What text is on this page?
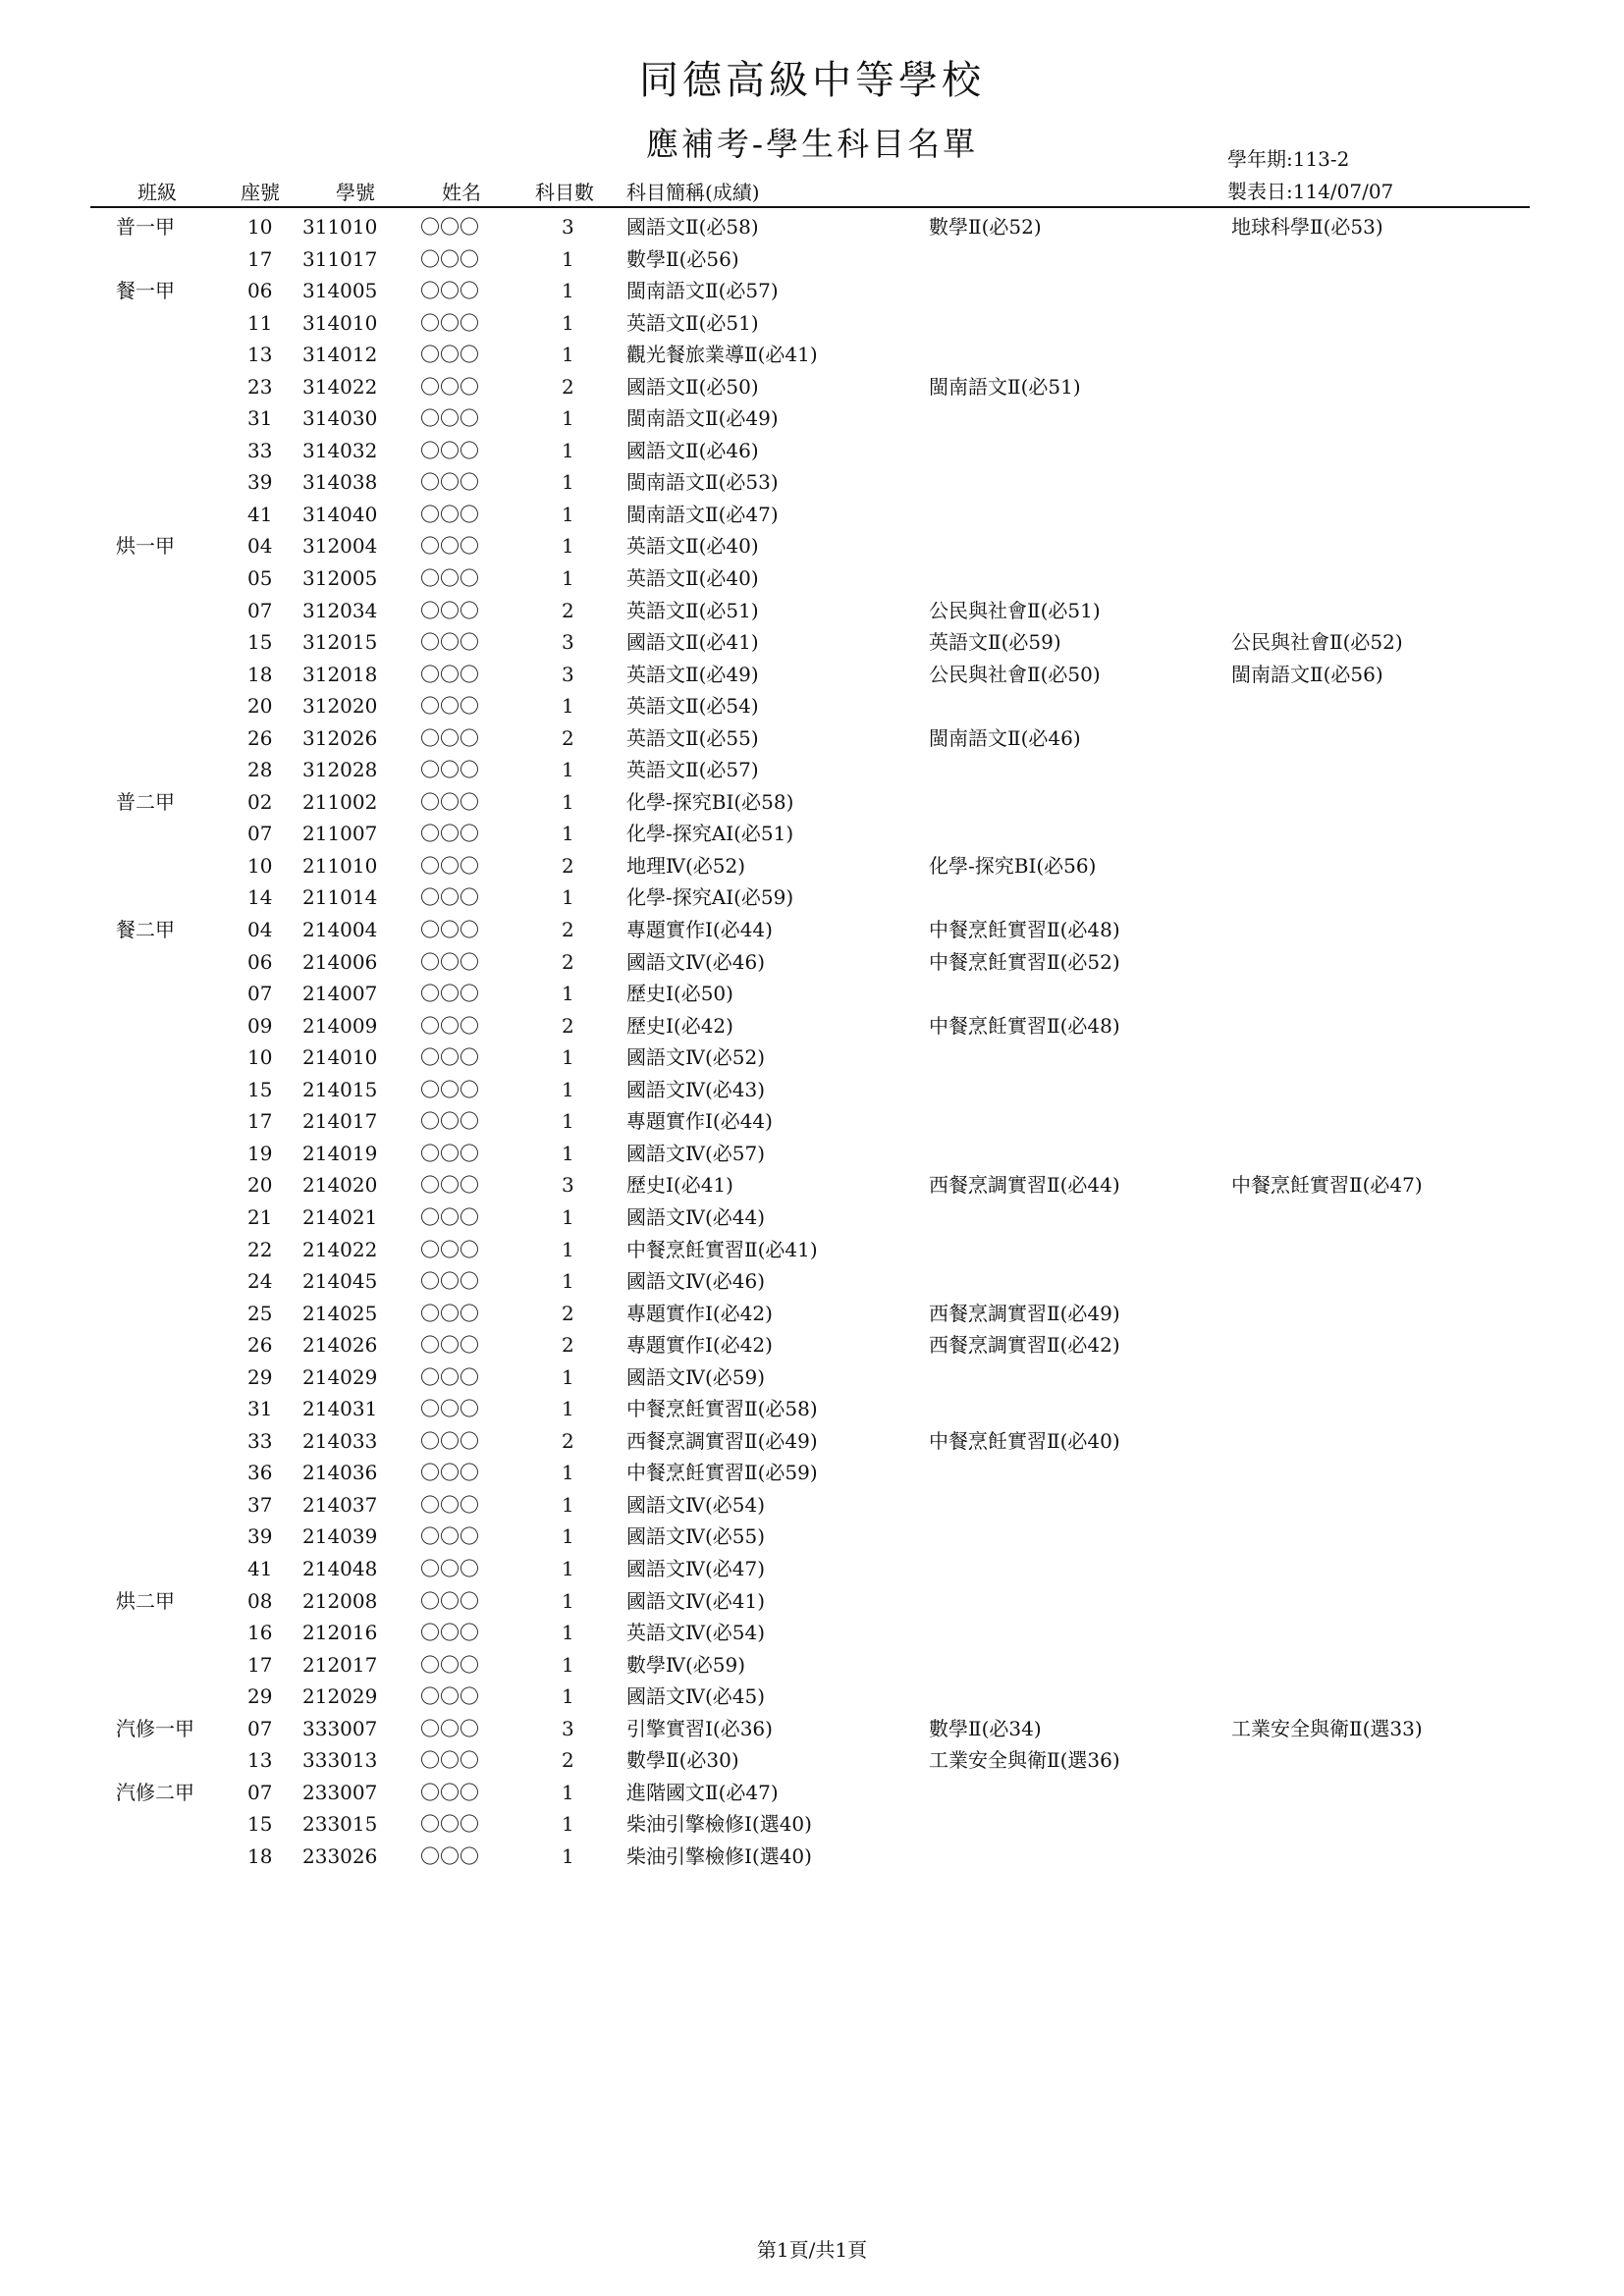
同德高級中等學校
應補考-學生科目名單	學年期:113-2
製表日:114/07/07
班級	座號	學號	姓名	科目數 科目簡稱(成績)
普一甲	10 311010 〇〇〇	3	國語文Ⅱ(必58)	數學Ⅱ(必52)	地球科學Ⅱ(必53)
17 311017 〇〇〇	1	數學Ⅱ(必56)
餐一甲	06 314005 〇〇〇	1	閩南語文Ⅱ(必57)
11 314010 〇〇〇	1	英語文Ⅱ(必51)
13 314012 〇〇〇	1	觀光餐旅業導Ⅱ(必41)
23 314022 〇〇〇	2	國語文Ⅱ(必50)	閩南語文Ⅱ(必51)
31 314030 〇〇〇	1	閩南語文Ⅱ(必49)
33 314032 〇〇〇	1	國語文Ⅱ(必46)
39 314038 〇〇〇	1	閩南語文Ⅱ(必53)
41 314040 〇〇〇	1	閩南語文Ⅱ(必47)
烘一甲	04 312004 〇〇〇	1	英語文Ⅱ(必40)
05 312005 〇〇〇	1	英語文Ⅱ(必40)
07 312034 〇〇〇	2	英語文Ⅱ(必51)	公民與社會Ⅱ(必51)
15 312015 〇〇〇	3	國語文Ⅱ(必41)	英語文Ⅱ(必59)	公民與社會Ⅱ(必52)
18 312018 〇〇〇	3	英語文Ⅱ(必49)	公民與社會Ⅱ(必50)	閩南語文Ⅱ(必56)
20 312020 〇〇〇	1	英語文Ⅱ(必54)
26 312026 〇〇〇	2	英語文Ⅱ(必55)	閩南語文Ⅱ(必46)
28 312028 〇〇〇	1	英語文Ⅱ(必57)
普二甲	02 211002 〇〇〇	1	化學-探究BⅠ(必58)
07 211007 〇〇〇	1	化學-探究AⅠ(必51)
10 211010 〇〇〇	2	地理Ⅳ(必52)	化學-探究BⅠ(必56)
14 211014 〇〇〇	1	化學-探究AⅠ(必59)
餐二甲	04 214004 〇〇〇	2	專題實作Ⅰ(必44)	中餐烹飪實習Ⅱ(必48)
06 214006 〇〇〇	2	國語文Ⅳ(必46)	中餐烹飪實習Ⅱ(必52)
07 214007 〇〇〇	1	歷史Ⅰ(必50)
09 214009 〇〇〇	2	歷史Ⅰ(必42)	中餐烹飪實習Ⅱ(必48)
10 214010 〇〇〇	1	國語文Ⅳ(必52)
15 214015 〇〇〇	1	國語文Ⅳ(必43)
17 214017 〇〇〇	1	專題實作Ⅰ(必44)
19 214019 〇〇〇	1	國語文Ⅳ(必57)
20 214020 〇〇〇	3	歷史Ⅰ(必41)	西餐烹調實習Ⅱ(必44)	中餐烹飪實習Ⅱ(必47)
21 214021 〇〇〇	1	國語文Ⅳ(必44)
22 214022 〇〇〇	1	中餐烹飪實習Ⅱ(必41)
24 214045 〇〇〇	1	國語文Ⅳ(必46)
25 214025 〇〇〇	2	專題實作Ⅰ(必42)	西餐烹調實習Ⅱ(必49)
26 214026 〇〇〇	2	專題實作Ⅰ(必42)	西餐烹調實習Ⅱ(必42)
29 214029 〇〇〇	1	國語文Ⅳ(必59)
31 214031 〇〇〇	1	中餐烹飪實習Ⅱ(必58)
33 214033 〇〇〇	2	西餐烹調實習Ⅱ(必49)	中餐烹飪實習Ⅱ(必40)
36 214036 〇〇〇	1	中餐烹飪實習Ⅱ(必59)
37 214037 〇〇〇	1	國語文Ⅳ(必54)
39 214039 〇〇〇	1	國語文Ⅳ(必55)
41 214048 〇〇〇	1	國語文Ⅳ(必47)
烘二甲	08 212008 〇〇〇	1	國語文Ⅳ(必41)
16 212016 〇〇〇	1	英語文Ⅳ(必54)
17 212017 〇〇〇	1	數學Ⅳ(必59)
29 212029 〇〇〇	1	國語文Ⅳ(必45)
汽修一甲	07 333007 〇〇〇	3	引擎實習Ⅰ(必36)	數學Ⅱ(必34)	工業安全與衛Ⅱ(選33)
13 333013 〇〇〇	2	數學Ⅱ(必30)	工業安全與衛Ⅱ(選36)
汽修二甲	07 233007 〇〇〇	1	進階國文Ⅱ(必47)
15 233015 〇〇〇	1	柴油引擎檢修Ⅰ(選40)
18 233026 〇〇〇	1	柴油引擎檢修Ⅰ(選40)
第1頁/共1頁
